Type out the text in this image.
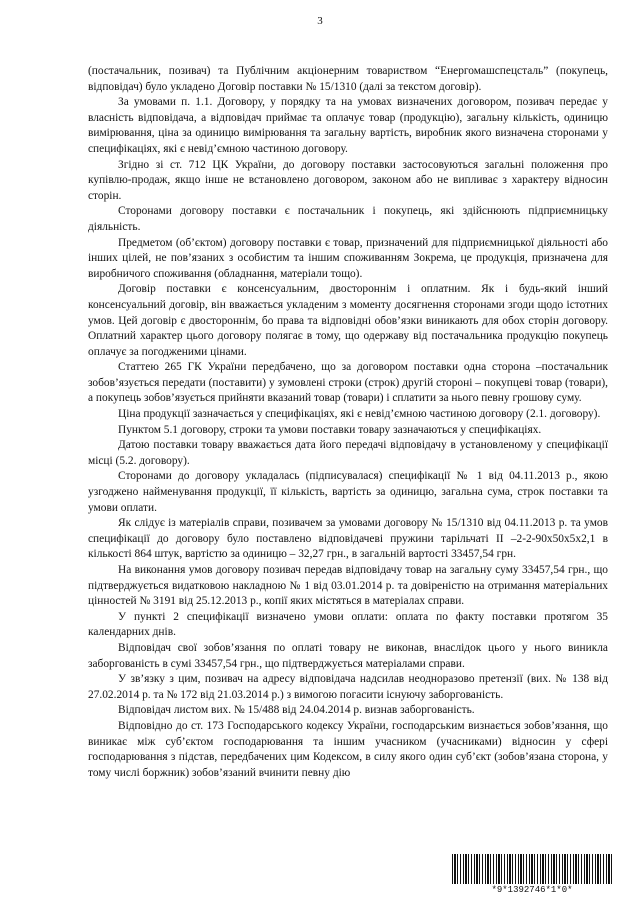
3

(постачальник, позивач) та Публічним акціонерним товариством “Енергомашспецсталь” (покупець, відповідач) було укладено Договір поставки № 15/1310 (далі за текстом договір).

За умовами п. 1.1. Договору, у порядку та на умовах визначених договором, позивач передає у власність відповідача, а відповідач приймає та оплачує товар (продукцію), загальну кількість, одиницю вимірювання, ціна за одиницю вимірювання та загальну вартість, виробник якого визначена сторонами у специфікаціях, які є невід’ємною частиною договору.

Згідно зі ст. 712 ЦК України, до договору поставки застосовуються загальні положення про купівлю-продаж, якщо інше не встановлено договором, законом або не випливає з характеру відносин сторін.

Сторонами договору поставки є постачальник і покупець, які здійснюють підприємницьку діяльність.

Предметом (об’єктом) договору поставки є товар, призначений для підприємницької діяльності або інших цілей, не пов’язаних з особистим та іншим споживанням Зокрема, це продукція, призначена для виробничого споживання (обладнання, матеріали тощо).

Договір поставки є консенсуальним, двостороннім і оплатним. Як і будь-який інший консенсуальний договір, він вважається укладеним з моменту досягнення сторонами згоди щодо істотних умов. Цей договір є двостороннім, бо права та відповідні обов’язки виникають для обох сторін договору. Оплатний характер цього договору полягає в тому, що одержаву від постачальника продукцію покупець оплачує за погодженими цінами.

Статтею 265 ГК України передбачено, що за договором поставки одна сторона –постачальник зобов’язується передати (поставити) у зумовлені строки (строк) другій стороні – покупцеві товар (товари), а покупець зобов’язується прийняти вказаний товар (товари) і сплатити за нього певну грошову суму.

Ціна продукції зазначається у специфікаціях, які є невід’ємною частиною договору (2.1. договору).

Пунктом 5.1 договору, строки та умови поставки товару зазначаються у специфікаціях.

Датою поставки товару вважається дата його передачі відповідачу в установленому у специфікації місці (5.2. договору).

Сторонами до договору укладалась (підписувалася) специфікації № 1 від 04.11.2013 р., якою узгоджено найменування продукції, її кількість, вартість за одиницю, загальна сума, строк поставки та умови оплати.

Як слідує із матеріалів справи, позивачем за умовами договору № 15/1310 від 04.11.2013 р. та умов специфікації до договору було поставлено відповідачеві пружини тарільчаті II –2-2-90х50х5х2,1 в кількості 864 штук, вартістю за одиницю – 32,27 грн., в загальній вартості 33457,54 грн.

На виконання умов договору позивач передав відповідачу товар на загальну суму 33457,54 грн., що підтверджується видатковою накладною № 1 від 03.01.2014 р. та довіреністю на отримання матеріальних цінностей № 3191 від 25.12.2013 р., копії яких містяться в матеріалах справи.

У пункті 2 специфікації визначено умови оплати: оплата по факту поставки протягом 35 календарних днів.

Відповідач свої зобов’язання по оплаті товару не виконав, внаслідок цього у нього виникла заборгованість в сумі 33457,54 грн., що підтверджується матеріалами справи.

У зв’язку з цим, позивач на адресу відповідача надсилав неодноразово претензії (вих. № 138 від 27.02.2014 р. та № 172 від 21.03.2014 р.) з вимогою погасити існуючу заборгованість.

Відповідач листом вих. № 15/488 від 24.04.2014 р. визнав заборгованість.

Відповідно до ст. 173 Господарського кодексу України, господарським визнається зобов’язання, що виникає між суб’єктом господарювання та іншим учасником (учасниками) відносин у сфері господарювання з підстав, передбачених цим Кодексом, в силу якого один суб’єкт (зобов’язана сторона, у тому числі боржник) зобов’язаний вчинити певну дію

*9*1392746*1*0*
